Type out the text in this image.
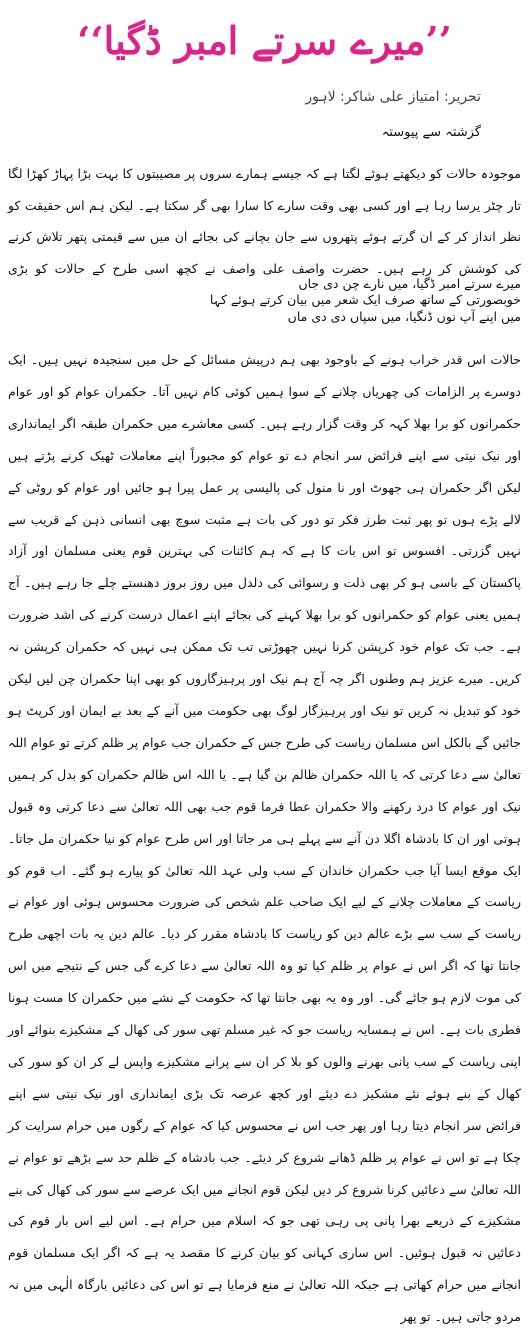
’’میرے سرتے امبر ڈگیا‘‘
تحریر: امتیاز علی شاکر: لاہور
گزشتہ سے پیوستہ

موجودہ حالات کو دیکھتے ہوئے لگتا ہے کہ جیسے ہمارے سروں پر مصیبتوں کا بہت بڑا پہاڑ کھڑا لگا تار چٹر یرسا رہا ہے اور کسی بھی وقت سارے کا سارا بھی گر سکتا ہے۔ لیکن ہم اس حقیقت کو نظر انداز کر کے ان گرتے ہوئے پتھروں سے جان بچانے کی بجائے ان میں سے قیمتی پتھر تلاش کرنے کی کوشش کر رہے ہیں۔ حضرت واصف علی واصف نے کچھ اسی طرح کے حالات کو بڑی خوبصورتی کے ساتھ صرف ایک شعر میں بیان کرتے ہوئے کہا

میرے سرتے امبر ڈگیا، میں نارے چن دی جاں
میں اپنے آپ نوں ڈنگیا، میں سپاں دی دی ماں

حالات اس قدر خراب ہونے کے باوجود بھی ہم درپیش مسائل کے حل میں سنجیدہ نہیں ہیں۔ ایک دوسرے پر الزامات کی چھریاں چلانے کے سوا ہمیں کوئی کام نہیں آتا۔ حکمران عوام کو اور عوام حکمرانوں کو برا بھلا کہہ کر وقت گزار رہے ہیں۔ کسی معاشرے میں حکمران طبقہ اگر ایمانداری اور نیک نیتی سے اپنے فرائض سر انجام دے تو عوام کو مجبوراً اپنے معاملات ٹھیک کرنے پڑتے ہیں لیکن اگر حکمران ہی جھوٹ اور نا منول کی پالیسی پر عمل پیرا ہو جائیں اور عوام کو روٹی کے لالے پڑے ہوں تو پھر ثبت طرز فکر تو دور کی بات ہے مثبت سوچ بھی انسانی ذہن کے قریب سے نہیں گزرتی۔ افسوس تو اس بات کا ہے کہ ہم کائنات کی بہترین قوم یعنی مسلمان اور آزاد پاکستان کے باسی ہو کر بھی ذلت و رسوائی کی دلدل میں روز بروز دھنستے چلے جا رہے ہیں۔ آج ہمیں یعنی عوام کو حکمرانوں کو برا بھلا کہنے کی بجائے اپنے اعمال درست کرنے کی اشد ضرورت ہے۔ جب تک عوام خود کرپشن کرنا نہیں چھوڑتی تب تک ممکن ہی نہیں کہ حکمران کرپشن نہ کریں۔ میرے عزیز ہم وطنوں اگر چہ آج ہم نیک اور پرہیزگاروں کو بھی اپنا حکمران چن لیں لیکن خود کو تبدیل نہ کریں تو نیک اور پرہیزگار لوگ بھی حکومت میں آنے کے بعد بے ایمان اور کرپٹ ہو جائیں گے بالکل اس مسلمان ریاست کی طرح جس کے حکمران جب عوام پر ظلم کرتے تو عوام اللہ تعالیٰ سے دعا کرتی کہ یا اللہ حکمران ظالم بن گیا ہے۔ یا اللہ اس ظالم حکمران کو بدل کر ہمیں نیک اور عوام کا درد رکھنے والا حکمران عطا فرما قوم جب بھی اللہ تعالیٰ سے دعا کرتی وہ قبول ہوتی اور ان کا بادشاہ اگلا دن آنے سے پہلے ہی مر جاتا اور اس طرح عوام کو نیا حکمران مل جاتا۔ ایک موقع ایسا آیا جب حکمران خاندان کے سب ولی عہد اللہ تعالیٰ کو پیارے ہو گئے۔ اب قوم کو ریاست کے معاملات چلانے کے لیے ایک صاحب علم شخص کی ضرورت محسوس ہوئی اور عوام نے ریاست کے سب سے بڑے عالم دین کو ریاست کا بادشاہ مقرر کر دیا۔ عالم دین یہ بات اچھی طرح جانتا تھا کہ اگر اس نے عوام پر ظلم کیا تو وہ اللہ تعالیٰ سے دعا کرے گی جس کے نتیجے میں اس کی موت لازم ہو جائے گی۔ اور وہ یہ بھی جانتا تھا کہ حکومت کے نشے میں حکمران کا مست ہونا فطری بات ہے۔ اس نے ہمسایہ ریاست جو کہ غیر مسلم تھی سور کی کھال کے مشکیزے بنوائے اور اپنی ریاست کے سب پانی بھرنے والوں کو بلا کر ان سے پرانے مشکیزے واپس لے کر ان کو سور کی کھال کے بنے ہوئے نئے مشکیز دے دیئے اور کچھ عرصہ تک بڑی ایمانداری اور نیک نیتی سے اپنے فرائض سر انجام دیتا رہا اور پھر جب اس نے محسوس کیا کہ عوام کے رگوں میں حرام سرایت کر چکا ہے تو اس نے عوام پر ظلم ڈھانے شروع کر دیئے۔ جب بادشاہ کے ظلم حد سے بڑھے تو عوام نے اللہ تعالیٰ سے دعائیں کرنا شروع کر دیں لیکن قوم انجانے میں ایک عرصے سے سور کی کھال کی بنے مشکیزے کے ذریعے بھرا پانی پی رہی تھی جو کہ اسلام میں حرام ہے۔ اس لیے اس بار قوم کی دعائیں نہ قبول ہوئیں۔ اس ساری کہانی کو بیان کرنے کا مقصد یہ ہے کہ اگر ایک مسلمان قوم انجانے میں حرام کھاتی ہے جبکہ اللہ تعالیٰ نے منع فرمایا ہے تو اس کی دعائیں بارگاہ الٰہی میں نہ مردو جاتی ہیں۔ تو پھر
